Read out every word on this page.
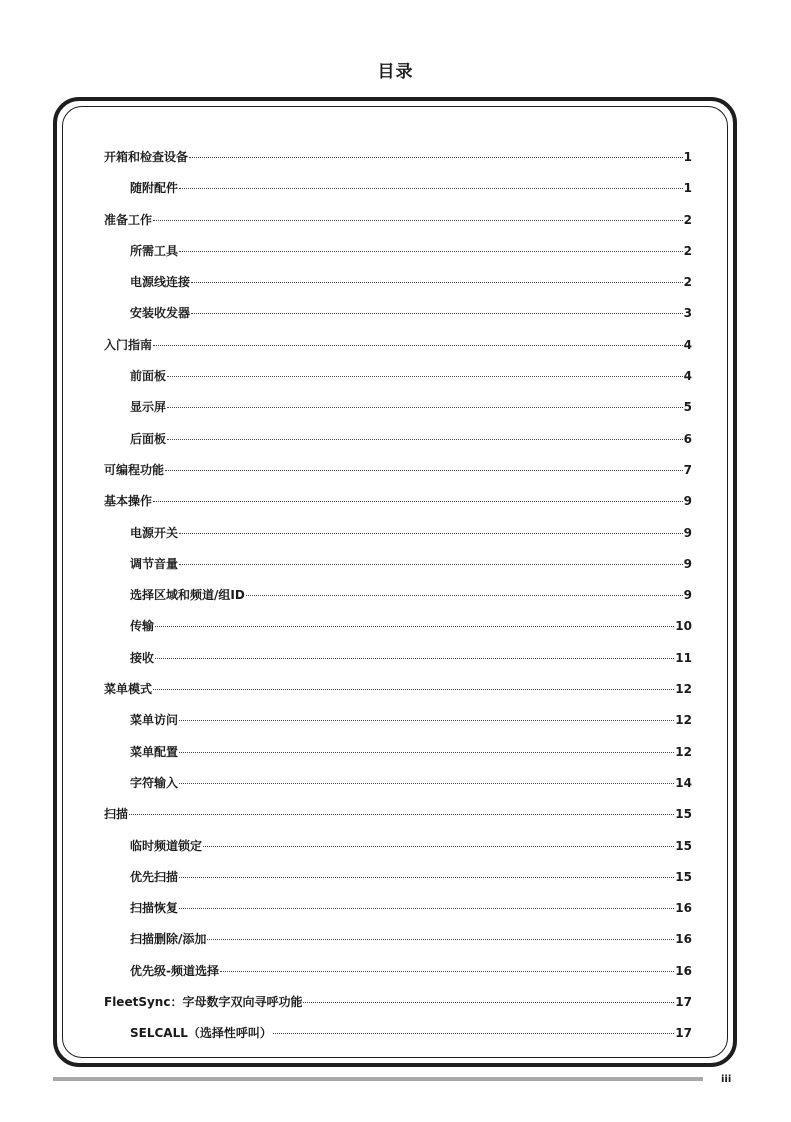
目录
开箱和检查设备	1
随附配件	1
准备工作	2
所需工具	2
电源线连接	2
安装收发器	3
入门指南	4
前面板	4
显示屏	5
后面板	6
可编程功能	7
基本操作	9
电源开关	9
调节音量	9
选择区域和频道/组ID	9
传输	10
接收	11
菜单模式	12
菜单访问	12
菜单配置	12
字符输入	14
扫描	15
临时频道锁定	15
优先扫描	15
扫描恢复	16
扫描删除/添加	16
优先级-频道选择	16
FleetSync：字母数字双向寻呼功能	17
SELCALL（选择性呼叫）	17
iii
